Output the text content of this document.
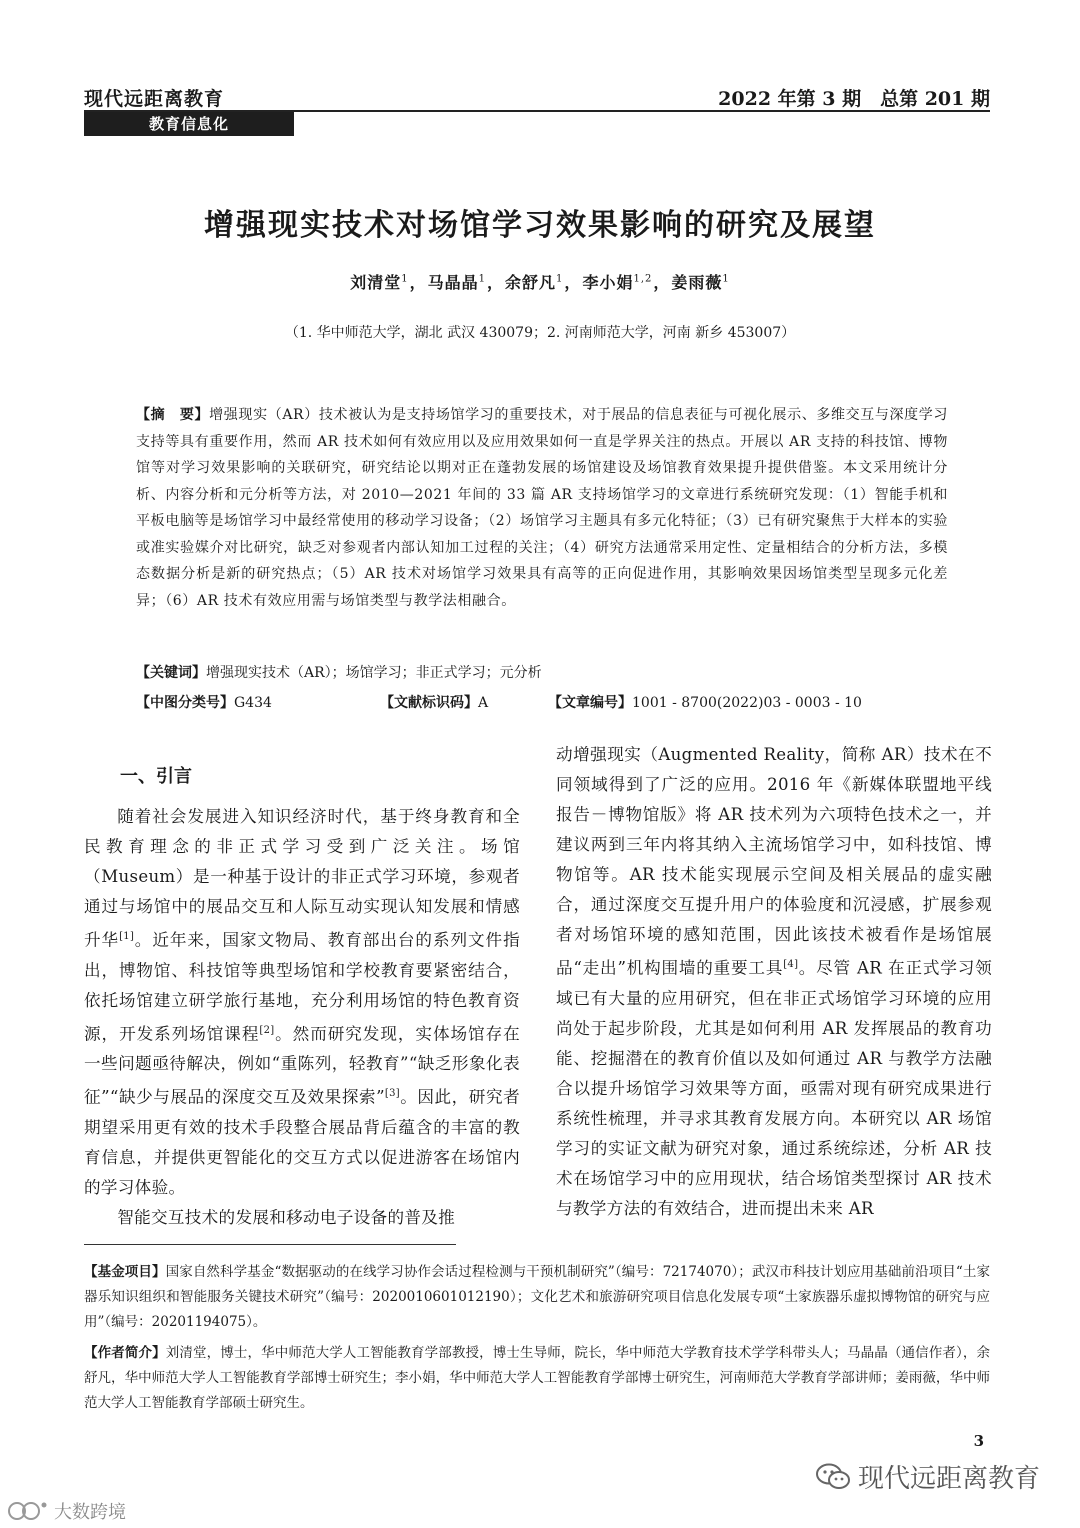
现代远距离教育	2022 年第 3 期　总第 201 期
教育信息化
增强现实技术对场馆学习效果影响的研究及展望
刘清堂$^1$，马晶晶$^1$，余舒凡$^1$，李小娟$^{1,2}$，姜雨薇$^1$
（1. 华中师范大学，湖北 武汉 430079；2. 河南师范大学，河南 新乡 453007）
【摘　要】增强现实（AR）技术被认为是支持场馆学习的重要技术，对于展品的信息表征与可视化展示、多维交互与深度学习支持等具有重要作用，然而 AR 技术如何有效应用以及应用效果如何一直是学界关注的热点。开展以 AR 支持的科技馆、博物馆等对学习效果影响的关联研究，研究结论以期对正在蓬勃发展的场馆建设及场馆教育效果提升提供借鉴。本文采用统计分析、内容分析和元分析等方法，对 2010—2021 年间的 33 篇 AR 支持场馆学习的文章进行系统研究发现：（1）智能手机和平板电脑等是场馆学习中最经常使用的移动学习设备；（2）场馆学习主题具有多元化特征；（3）已有研究聚焦于大样本的实验或准实验媒介对比研究，缺乏对参观者内部认知加工过程的关注；（4）研究方法通常采用定性、定量相结合的分析方法，多模态数据分析是新的研究热点；（5）AR 技术对场馆学习效果具有高等的正向促进作用，其影响效果因场馆类型呈现多元化差异；（6）AR 技术有效应用需与场馆类型与教学法相融合。
【关键词】增强现实技术（AR）；场馆学习；非正式学习；元分析
【中图分类号】G434	【文献标识码】A	【文章编号】1001 - 8700(2022)03 - 0003 - 10
一、引言

随着社会发展进入知识经济时代，基于终身教育和全民教育理念的非正式学习受到广泛关注。场馆（Museum）是一种基于设计的非正式学习环境，参观者通过与场馆中的展品交互和人际互动实现认知发展和情感升华[1]。近年来，国家文物局、教育部出台的系列文件指出，博物馆、科技馆等典型场馆和学校教育要紧密结合，依托场馆建立研学旅行基地，充分利用场馆的特色教育资源，开发系列场馆课程[2]。然而研究发现，实体场馆存在一些问题亟待解决，例如“重陈列，轻教育”“缺乏形象化表征”“缺少与展品的深度交互及效果探索”[3]。因此，研究者期望采用更有效的技术手段整合展品背后蕴含的丰富的教育信息，并提供更智能化的交互方式以促进游客在场馆内的学习体验。

智能交互技术的发展和移动电子设备的普及推

动增强现实（Augmented Reality，简称 AR）技术在不同领域得到了广泛的应用。2016 年《新媒体联盟地平线报告－博物馆版》将 AR 技术列为六项特色技术之一，并建议两到三年内将其纳入主流场馆学习中，如科技馆、博物馆等。AR 技术能实现展示空间及相关展品的虚实融合，通过深度交互提升用户的体验度和沉浸感，扩展参观者对场馆环境的感知范围，因此该技术被看作是场馆展品“走出”机构围墙的重要工具[4]。尽管 AR 在正式学习领域已有大量的应用研究，但在非正式场馆学习环境的应用尚处于起步阶段，尤其是如何利用 AR 发挥展品的教育功能、挖掘潜在的教育价值以及如何通过 AR 与教学方法融合以提升场馆学习效果等方面，亟需对现有研究成果进行系统性梳理，并寻求其教育发展方向。本研究以 AR 场馆学习的实证文献为研究对象，通过系统综述，分析 AR 技术在场馆学习中的应用现状，结合场馆类型探讨 AR 技术与教学方法的有效结合，进而提出未来 AR

【基金项目】国家自然科学基金“数据驱动的在线学习协作会话过程检测与干预机制研究”（编号：72174070）；武汉市科技计划应用基础前沿项目“土家器乐知识组织和智能服务关键技术研究”（编号：2020010601012190）；文化艺术和旅游研究项目信息化发展专项“土家族器乐虚拟博物馆的研究与应用”（编号：20201194075）。

【作者简介】刘清堂，博士，华中师范大学人工智能教育学部教授，博士生导师，院长，华中师范大学教育技术学学科带头人；马晶晶（通信作者），余舒凡，华中师范大学人工智能教育学部博士研究生；李小娟，华中师范大学人工智能教育学部博士研究生，河南师范大学教育学部讲师；姜雨薇，华中师范大学人工智能教育学部硕士研究生。

3
现代远距离教育
大数跨境
